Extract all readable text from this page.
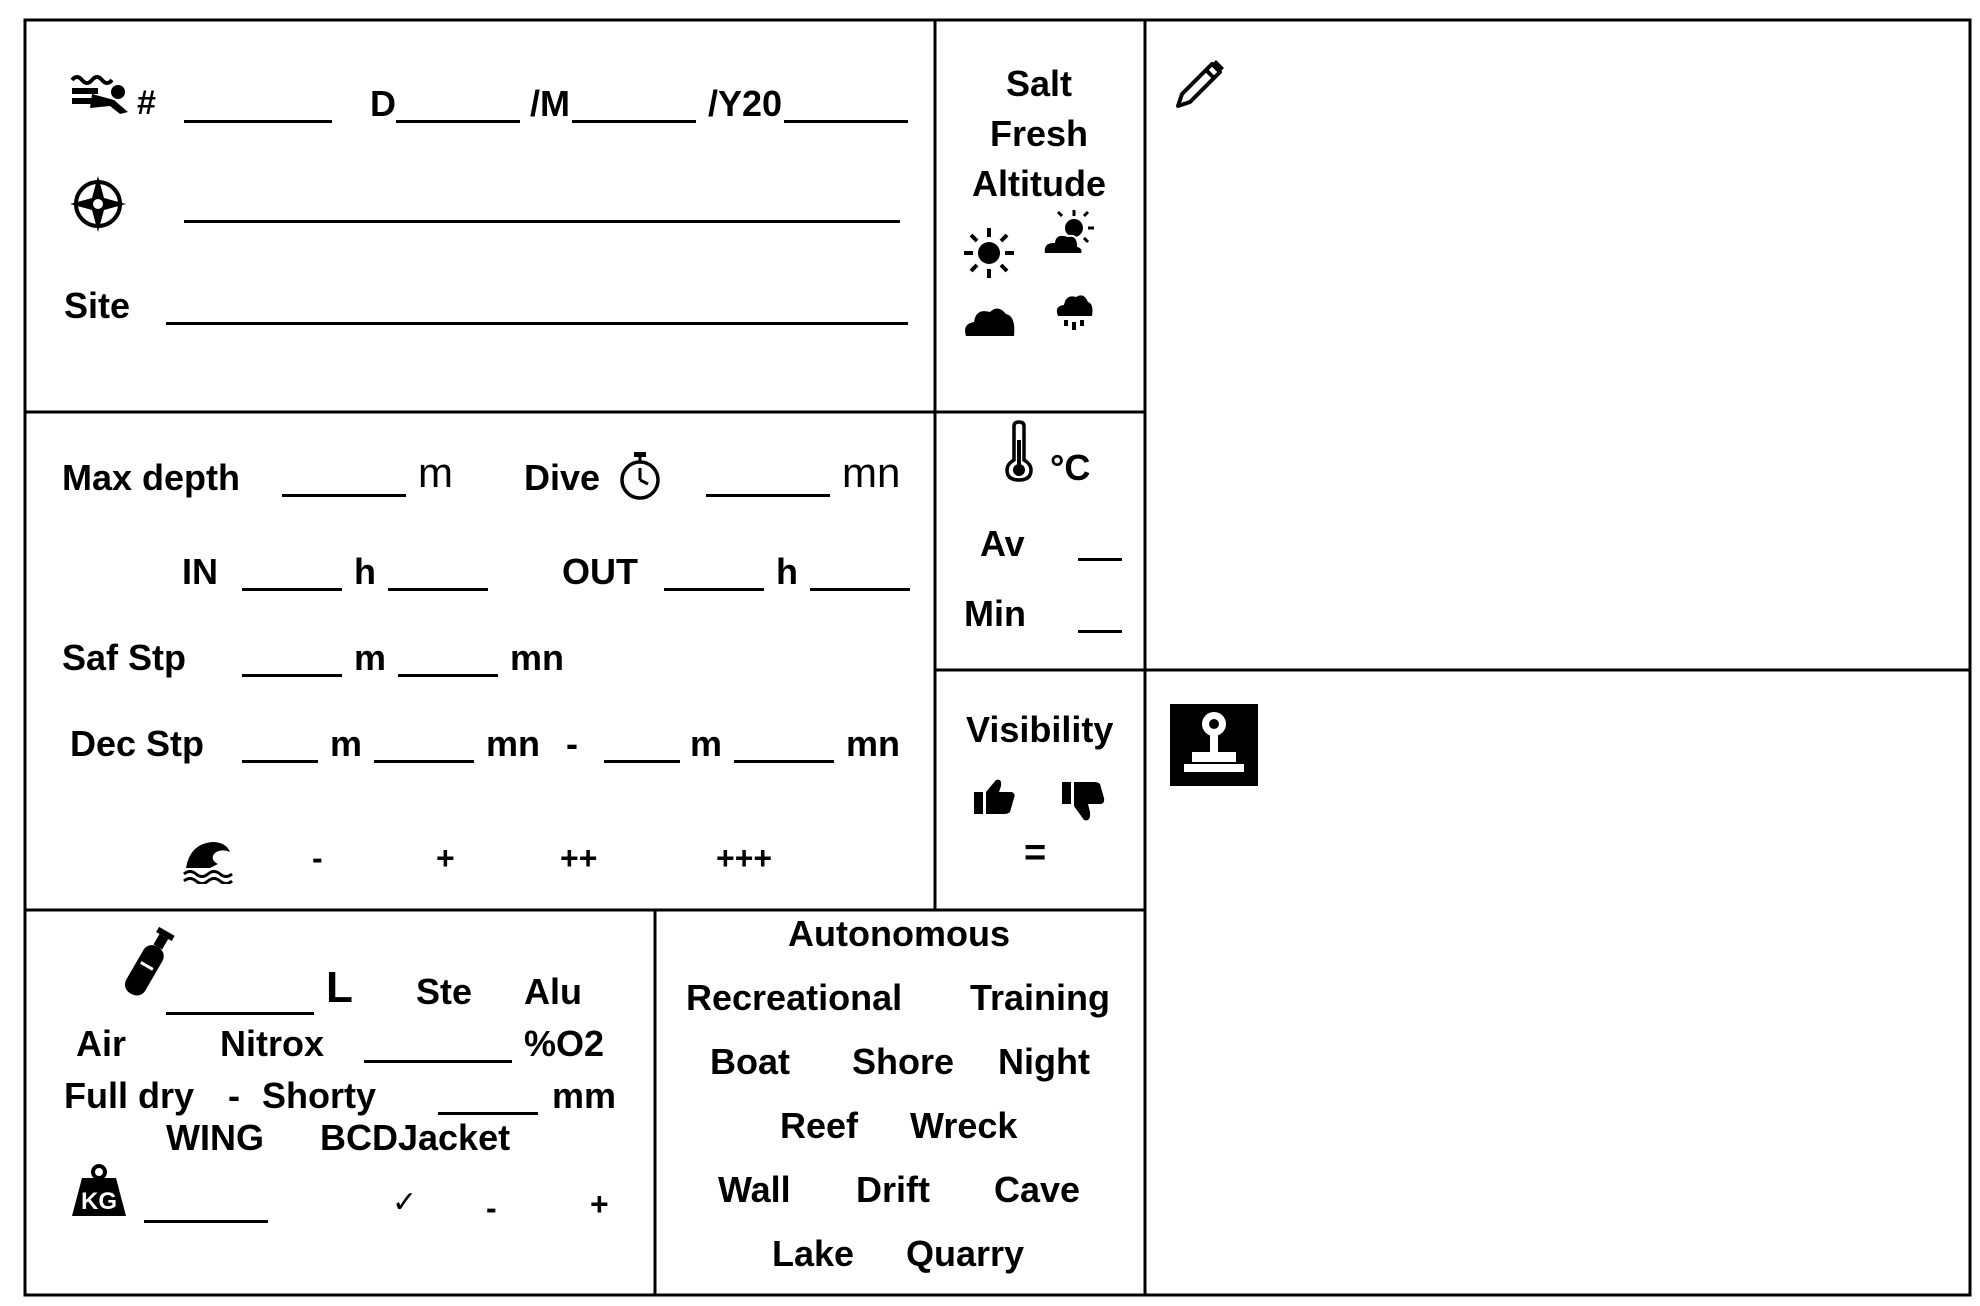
#	D	/M	/Y20
Site
Salt
Fresh
Altitude
Max depth	m Dive	mn
IN	h	OUT	h
Saf Stp	m	mn
Dec Stp	m	mn -	m	mn
-	+	++	+++
°C
Av
Min
Visibility
=
L Ste Alu
Air	Nitrox	%O2
Full dry - Shorty	mm
WING BCDJacket
KG	✓ -	+
Autonomous
Recreational Training
Boat Shore Night
Reef Wreck
Wall Drift Cave
Lake Quarry
